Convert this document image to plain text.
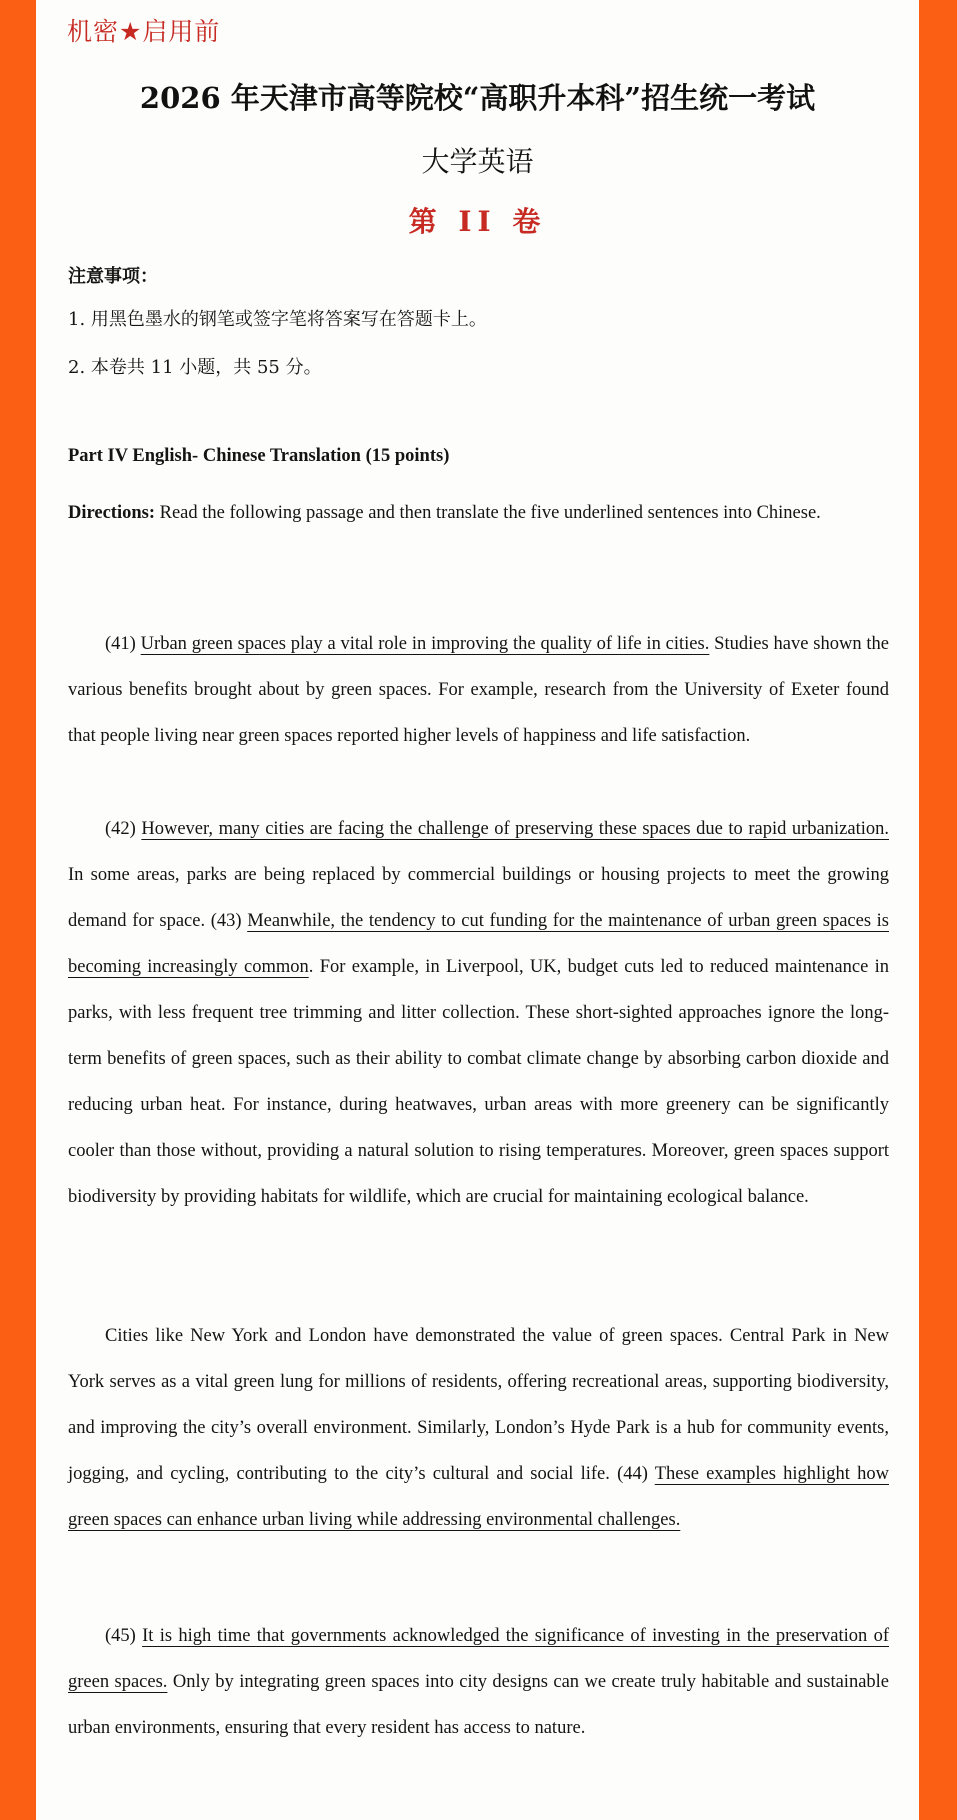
机密★启用前
2026 年天津市高等院校“高职升本科”招生统一考试
大学英语
第 II 卷
注意事项：
1. 用黑色墨水的钢笔或签字笔将答案写在答题卡上。
2. 本卷共 11 小题，共 55 分。
Part IV English- Chinese Translation (15 points)

Directions: Read the following passage and then translate the five underlined sentences into Chinese.

(41) Urban green spaces play a vital role in improving the quality of life in cities. Studies have shown the various benefits brought about by green spaces. For example, research from the University of Exeter found that people living near green spaces reported higher levels of happiness and life satisfaction.

(42) However, many cities are facing the challenge of preserving these spaces due to rapid urbanization. In some areas, parks are being replaced by commercial buildings or housing projects to meet the growing demand for space. (43) Meanwhile, the tendency to cut funding for the maintenance of urban green spaces is becoming increasingly common. For example, in Liverpool, UK, budget cuts led to reduced maintenance in parks, with less frequent tree trimming and litter collection. These short-sighted approaches ignore the long-term benefits of green spaces, such as their ability to combat climate change by absorbing carbon dioxide and reducing urban heat. For instance, during heatwaves, urban areas with more greenery can be significantly cooler than those without, providing a natural solution to rising temperatures. Moreover, green spaces support biodiversity by providing habitats for wildlife, which are crucial for maintaining ecological balance.

Cities like New York and London have demonstrated the value of green spaces. Central Park in New York serves as a vital green lung for millions of residents, offering recreational areas, supporting biodiversity, and improving the city’s overall environment. Similarly, London’s Hyde Park is a hub for community events, jogging, and cycling, contributing to the city’s cultural and social life. (44) These examples highlight how green spaces can enhance urban living while addressing environmental challenges.

(45) It is high time that governments acknowledged the significance of investing in the preservation of green spaces. Only by integrating green spaces into city designs can we create truly habitable and sustainable urban environments, ensuring that every resident has access to nature.
